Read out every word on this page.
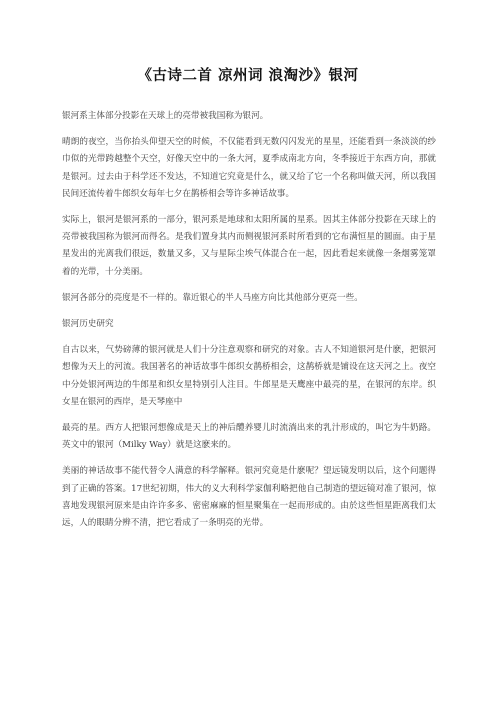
《古诗二首 凉州词 浪淘沙》银河

银河系主体部分投影在天球上的亮带被我国称为银河。

晴朗的夜空，当你抬头仰望天空的时候，不仅能看到无数闪闪发光的星星，还能看到一条淡淡的纱巾似的光带跨越整个天空，好像天空中的一条大河，夏季成南北方向，冬季接近于东西方向，那就是银河。过去由于科学还不发达，不知道它究竟是什么，就又给了它一个名称叫做天河，所以我国民间还流传着牛郎织女每年七夕在鹊桥相会等许多神话故事。

实际上，银河是银河系的一部分，银河系是地球和太阳所属的星系。因其主体部分投影在天球上的亮带被我国称为银河而得名。是我们置身其内而侧视银河系时所看到的它布满恒星的圆面。由于星星发出的光离我们很远，数量又多，又与星际尘埃气体混合在一起，因此看起来就像一条烟雾笼罩着的光带，十分美丽。

银河各部分的亮度是不一样的。靠近银心的半人马座方向比其他部分更亮一些。

银河历史研究

自古以来，气势磅薄的银河就是人们十分注意观察和研究的对象。古人不知道银河是什麽，把银河想像为天上的河流。我国著名的神话故事牛郎织女鹊桥相会，这鹊桥就是铺设在这天河之上。夜空中分处银河两边的牛郎星和织女星特别引人注目。牛郎星是天鹰座中最亮的星，在银河的东岸。织女星在银河的西岸，是天琴座中

最亮的星。西方人把银河想像成是天上的神后醴养婴儿时流淌出来的乳汁形成的，叫它为牛奶路。英文中的银河（Milky Way）就是这麽来的。

美丽的神话故事不能代替令人满意的科学解释。银河究竟是什麽呢？望远镜发明以后，这个问题得到了正确的答案。17世纪初期，伟大的义大利科学家伽利略把他自己制造的望远镜对准了银河，惊喜地发现银河原来是由许许多多、密密麻麻的恒星聚集在一起而形成的。由於这些恒星距离我们太远，人的眼睛分辨不清，把它看成了一条明亮的光带。
